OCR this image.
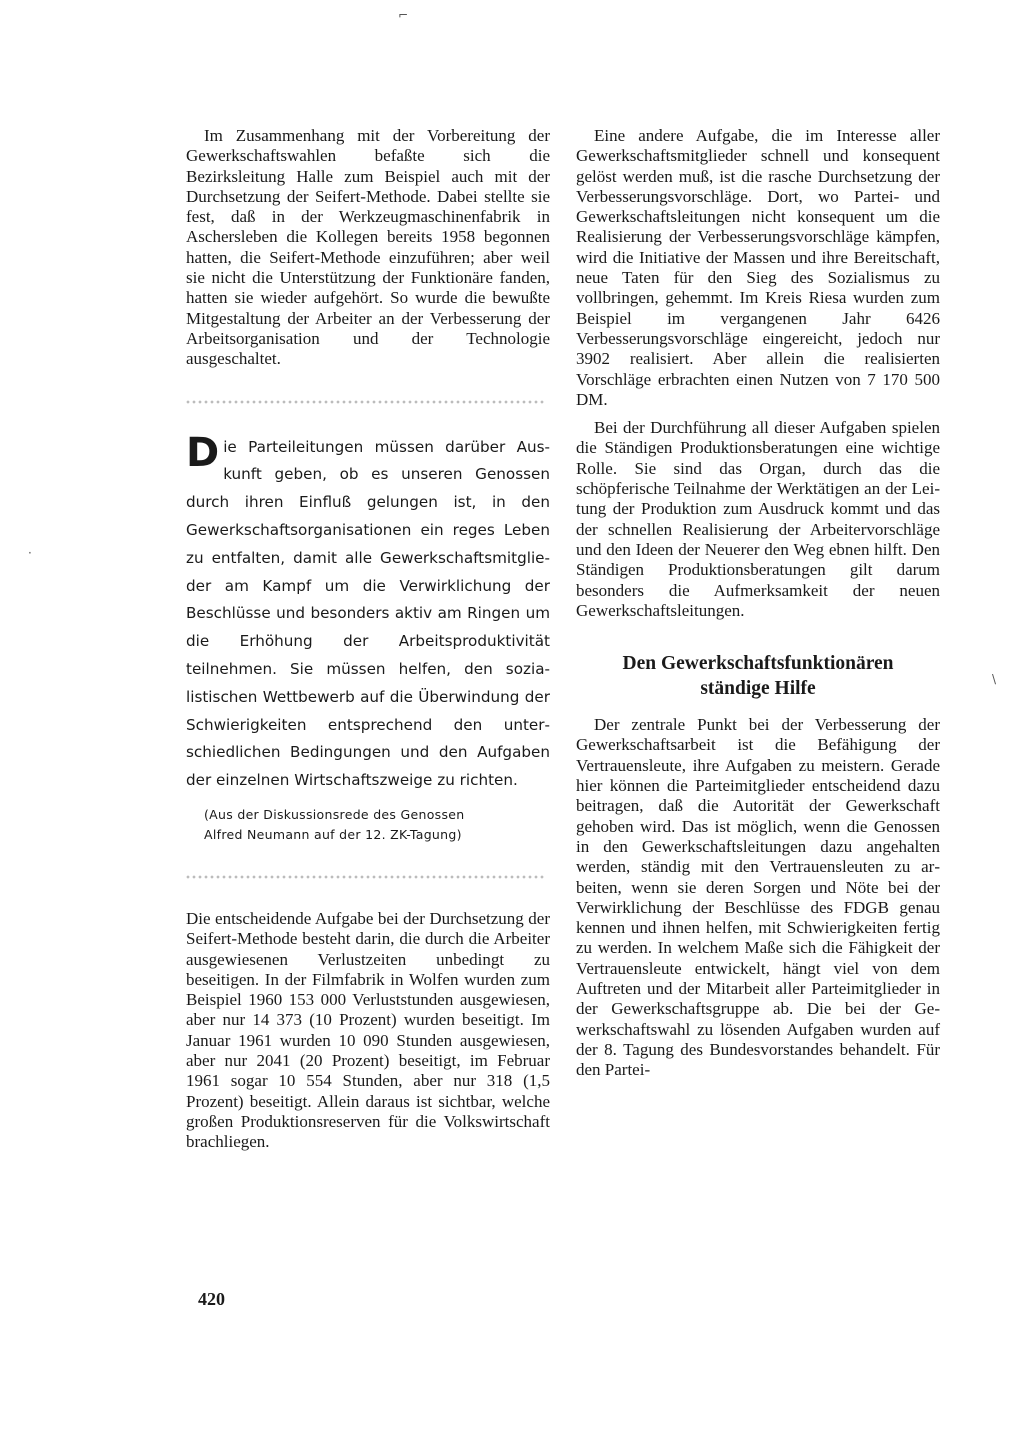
⌐
·
\

Im Zusammenhang mit der Vorbereitung der Gewerkschaftswahlen befaßte sich die Bezirksleitung Halle zum Beispiel auch mit der Durchsetzung der Seifert-Methode. Dabei stellte sie fest, daß in der Werkzeugmaschinenfabrik in Aschersleben die Kollegen bereits 1958 begonnen hatten, die Seifert-Methode einzuführen; aber weil sie nicht die Unterstützung der Funktionäre fanden, hatten sie wieder aufgehört. So wurde die bewußte Mitgestaltung der Arbeiter an der Verbesserung der Arbeitsorganisation und der Technologie ausgeschaltet.

Die Parteileitungen müssen darüber Auskunft geben, ob es unseren Genossen durch ihren Einfluß gelungen ist, in den Gewerkschaftsorganisationen ein reges Leben zu entfalten, damit alle Gewerkschaftsmitglieder am Kampf um die Verwirklichung der Beschlüsse und besonders aktiv am Ringen um die Erhöhung der Arbeitsproduktivität teilnehmen. Sie müssen helfen, den sozialistischen Wettbewerb auf die Überwindung der Schwierigkeiten entsprechend den unterschiedlichen Bedingungen und den Aufgaben der einzelnen Wirtschaftszweige zu richten.

(Aus der Diskussionsrede des Genossen
Alfred Neumann auf der 12. ZK-Tagung)

Die entscheidende Aufgabe bei der Durchsetzung der Seifert-Methode besteht darin, die durch die Arbeiter ausgewiesenen Verlustzeiten unbedingt zu beseitigen. In der Filmfabrik in Wolfen wurden zum Beispiel 1960 153 000 Verluststunden ausgewiesen, aber nur 14 373 (10 Prozent) wurden beseitigt. Im Januar 1961 wurden 10 090 Stunden ausgewiesen, aber nur 2041 (20 Prozent) beseitigt, im Februar 1961 sogar 10 554 Stunden, aber nur 318 (1,5 Prozent) beseitigt. Allein daraus ist sichtbar, welche großen Produktionsreserven für die Volkswirtschaft brachliegen.

Eine andere Aufgabe, die im Interesse aller Gewerkschaftsmitglieder schnell und konsequent gelöst werden muß, ist die rasche Durchsetzung der Verbesserungsvorschläge. Dort, wo Partei- und Gewerkschaftsleitungen nicht konsequent um die Realisierung der Verbesserungsvorschläge kämpfen, wird die Initiative der Massen und ihre Bereitschaft, neue Taten für den Sieg des Sozialismus zu vollbringen, gehemmt. Im Kreis Riesa wurden zum Beispiel im vergangenen Jahr 6426 Verbesserungsvorschläge eingereicht, jedoch nur 3902 realisiert. Aber allein die realisierten Vorschläge erbrachten einen Nutzen von 7 170 500 DM.

Bei der Durchführung all dieser Aufgaben spielen die Ständigen Produktionsberatungen eine wichtige Rolle. Sie sind das Organ, durch das die schöpferische Teilnahme der Werktätigen an der Leitung der Produktion zum Ausdruck kommt und das der schnellen Realisierung der Arbeitervorschläge und den Ideen der Neuerer den Weg ebnen hilft. Den Ständigen Produktionsberatungen gilt darum besonders die Aufmerksamkeit der neuen Gewerkschaftsleitungen.

Den Gewerkschaftsfunktionären
ständige Hilfe

Der zentrale Punkt bei der Verbesserung der Gewerkschaftsarbeit ist die Befähigung der Vertrauensleute, ihre Aufgaben zu meistern. Gerade hier können die Parteimitglieder entscheidend dazu beitragen, daß die Autorität der Gewerkschaft gehoben wird. Das ist möglich, wenn die Genossen in den Gewerkschaftsleitungen dazu angehalten werden, ständig mit den Vertrauensleuten zu arbeiten, wenn sie deren Sorgen und Nöte bei der Verwirklichung der Beschlüsse des FDGB genau kennen und ihnen helfen, mit Schwierigkeiten fertig zu werden. In welchem Maße sich die Fähigkeit der Vertrauensleute entwickelt, hängt viel von dem Auftreten und der Mitarbeit aller Parteimitglieder in der Gewerkschaftsgruppe ab. Die bei der Gewerkschaftswahl zu lösenden Aufgaben wurden auf der 8. Tagung des Bundesvorstandes behandelt. Für den Partei-

420
